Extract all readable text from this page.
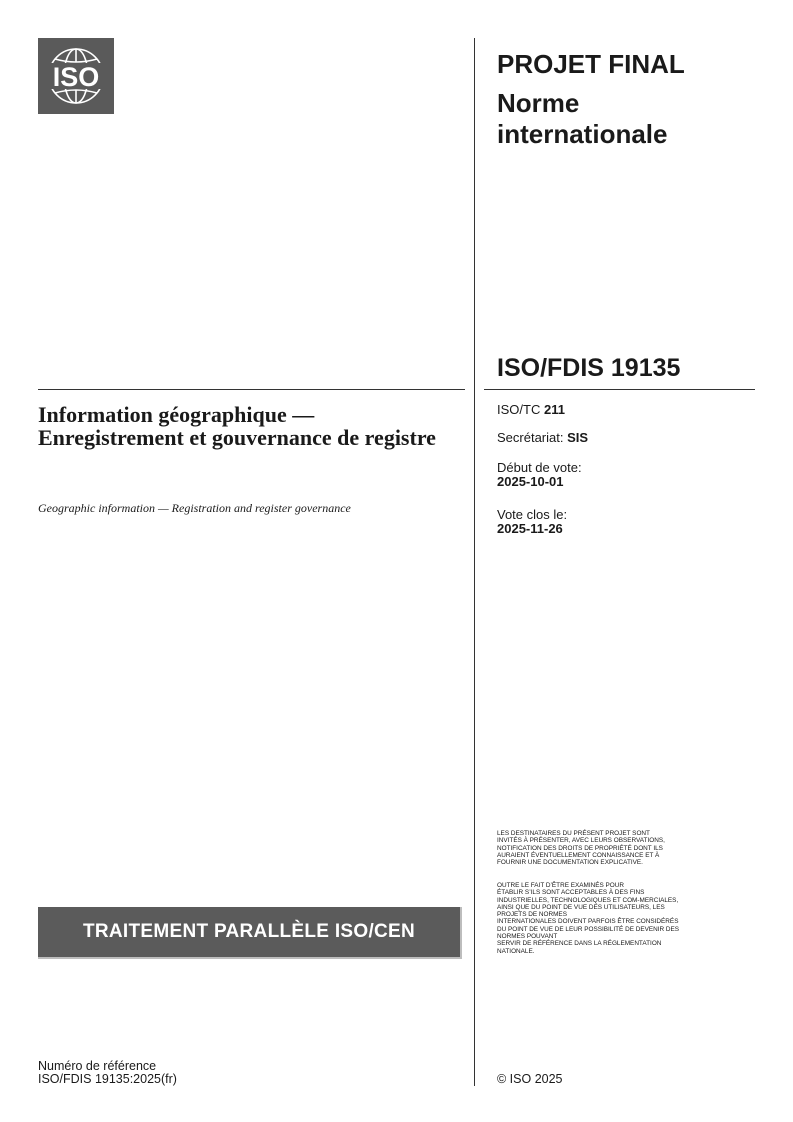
ISO	PROJET FINAL
Norme internationale
ISO/FDIS 19135
ISO/TC 211
Secrétariat: SIS
Début de vote:
2025-10-01
Vote clos le:
2025-11-26
Information géographique — Enregistrement et gouvernance de registre

Geographic information — Registration and register governance

LES DESTINATAIRES DU PRÉSENT PROJET SONT
INVITÉS À PRÉSENTER, AVEC LEURS OBSERVATIONS,
NOTIFICATION DES DROITS DE PROPRIÉTÉ DONT ILS
AURAIENT ÉVENTUELLEMENT CONNAISSANCE ET À
FOURNIR UNE DOCUMENTATION EXPLICATIVE.
OUTRE LE FAIT D’ÊTRE EXAMINÉS POUR
ÉTABLIR S’ILS SONT ACCEPTABLES À DES FINS
INDUSTRIELLES, TECHNOLOGIQUES ET COM-MERCIALES,
AINSI QUE DU POINT DE VUE DES UTILISATEURS, LES
PROJETS DE NORMES
INTERNATIONALES DOIVENT PARFOIS ÊTRE CONSIDÉRÉS
DU POINT DE VUE DE LEUR POSSIBILITÉ DE DEVENIR DES
NORMES POUVANT
SERVIR DE RÉFÉRENCE DANS LA RÉGLEMENTATION
NATIONALE.
TRAITEMENT PARALLÈLE ISO/CEN
Numéro de référence
ISO/FDIS 19135:2025(fr)	© ISO 2025
